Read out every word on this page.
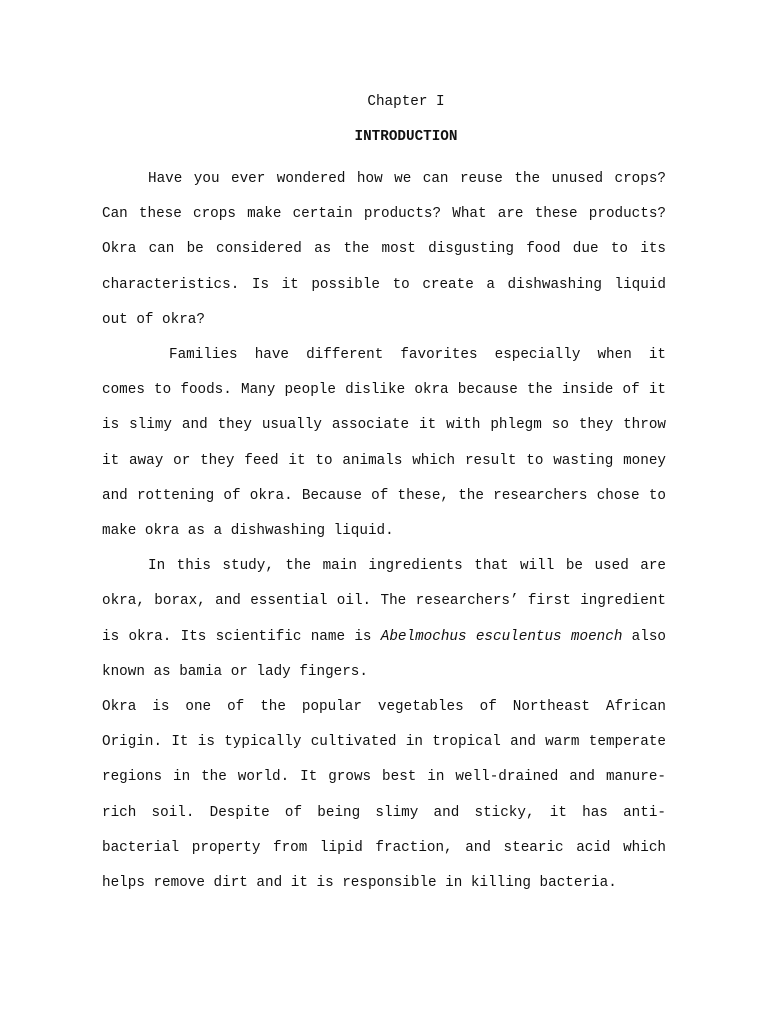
Chapter I
INTRODUCTION

Have you ever wondered how we can reuse the unused crops? Can these crops make certain products? What are these products? Okra can be considered as the most disgusting food due to its characteristics. Is it possible to create a dishwashing liquid out of okra?

Families have different favorites especially when it comes to foods. Many people dislike okra because the inside of it is slimy and they usually associate it with phlegm so they throw it away or they feed it to animals which result to wasting money and rottening of okra. Because of these, the researchers chose to make okra as a dishwashing liquid.

In this study, the main ingredients that will be used are okra, borax, and essential oil. The researchers’ first ingredient is okra. Its scientific name is Abelmochus esculentus moench also known as bamia or lady fingers.

Okra is one of the popular vegetables of Northeast African Origin. It is typically cultivated in tropical and warm temperate regions in the world. It grows best in well-drained and manure-rich soil. Despite of being slimy and sticky, it has anti-bacterial property from lipid fraction, and stearic acid which helps remove dirt and it is responsible in killing bacteria.
